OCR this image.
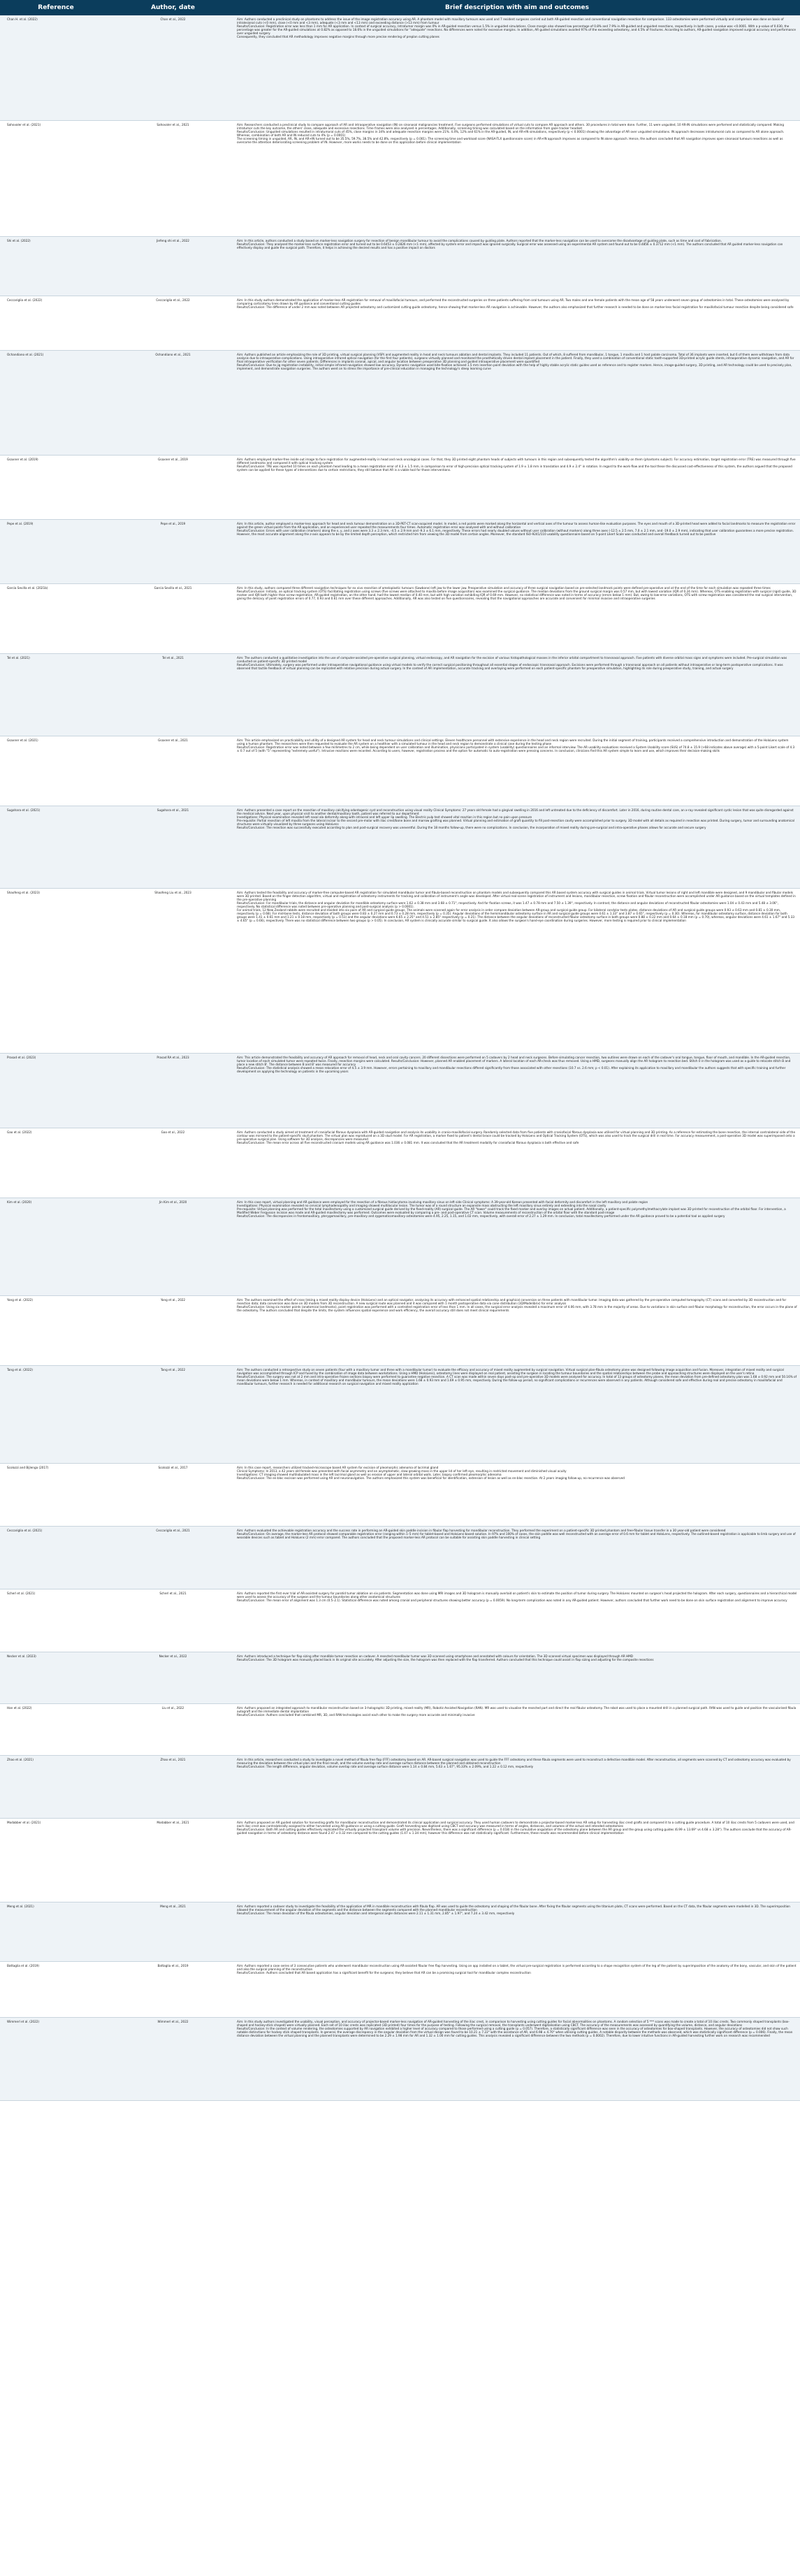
Reference	Author, date	Brief description with aim and outcomes
Chan H. et al. (2022)	Chan et al., 2022	Aim: Authors conducted a preclinical study on phantoms to address the issue of the image registration accuracy using AR. A phantom model with maxillary tumours was used and 7 resident surgeons carried out both AR-guided resection and conventional navigation resection for comparison. 133 osteotomies were performed virtually and comparison was done on basis of intralesional cuts (<0 mm), close (<0 mm and <3 mm), adequate (<3 mm and <13 mm) and exceeding distance (>13 mm) from tumour
Results/Conclusion: Registration error was less than 1 mm for AR application. In context of surgical accuracy, Intratumor margin was 0% in AR-guided resection versus 1.5% in unguided simulations. Close margin also showed low percentage of 0.8% and 7.9% in AR-guided and unguided resections, respectively. In both cases, p-value was <0.0001. With a p-value of 0.030, the percentage was greater for the AR-guided simulations at 0.82% as opposed to 18.6% in the unguided simulations for "adequate" resections. No differences were noted for excessive margins. In addition, AR guided simulations avoided 97% of the exceeding osteotomy, and 4.5% of fractures. According to authors, AR-guided navigation improved surgical accuracy and performance over unguided surgery.
Consequently, they concluded that AR methodology improves negative margins through more precise rendering of preplan cutting planes
Sahovaler et al. (2021)	Sahovaler et al., 2021	Aim: Researchers conducted a preclinical study to compare approach of AR and intraoperative navigation (IN) on sinonasal malignancies treatment. Five surgeons performed simulations of virtual cuts to compare AR approach and others. 30 procedures in total were done. Further, 11 were unguided, 10 AR-IN simulations were performed and statistically compared. Making intratumor cuts the key outcome, the others' close, adequate and excessive resections. Time frames were also analysed in percentages. Additionally, screening timing was calculated based on the information from gaze tracker headset
Results/Conclusion: Unguided simulations resulted in intratumoral cuts of 45%, close margins in 34% and adequate resection margins were 21%. 4.4%, 12% and 61% in the AR-guided, IN, and AR+IN simulations, respectively (p < 0.0001) showing the advantage of AR over unguided simulations. IN approach decreases intratumoral cuts as compared to AR alone approach. Whereas, combination of both AR and IN reduced cuts to 4% (p = 0.0001)
The screening timing in unguided, AR, IN, and AR+IN turned out to be 35.5%, 59.7%, 38.5% and 42.8%, respectively (p = 0.001). The screening time and workload score (NASA-TLX questionnaire score) in AR+IN approach improves as compared to IN alone approach. Hence, the authors concluded that AR navigation improves open sinonasal tumours resections as well as overcome the attention deteriorating screening problem of IN. However, more works needs to be done on this application before clinical implementation
Shi et al. (2022)	Jiefeng shi et al., 2022	Aim: In this article, authors conducted a study based on marker-less navigation surgery for resection of benign mandibular tumour to avoid the complications caused by guiding plate. Authors reported that the marker-less navigation can be used to overcome the disadvantage of guiding plate, such as time and cost of fabrication.
Results/Conclusion: They analysed the marker-less surface registration error and turned out to be 0.6453 ± 0.2826 mm (<1 mm), affected by system error and impact was ignored surgically. Surgical error was assessed using an experimental AR system and found out to be 0.4856 ± 0.3712 mm (<1 mm). The authors concluded that AR guided marker-less navigation can effectively display and guide the surgical path. Therefore, it helps in achieving the desired results and has a positive impact on doctors
Ceccariglia et al. (2022)	Ceccariglia et al., 2022	Aim: In this study authors demonstrated the application of marker-less AR registration for removal of maxillofacial tumours, and performed the reconstructed surgeries on three patients suffering from oral tumours using AR. Two males and one female patients with the mean age of 58 years underwent seven group of osteotomies in total. These osteotomies were analysed by comparing corticotomy lines drawn by AR guidance and conventional cutting guides
Results/Conclusion: The difference of under 2 mm was noted between AR projected osteotomy and customized cutting guide osteotomy, hence showing that marker-less AR navigation is achievable. However, the authors also emphasized that further research is needed to be done on marker-less facial registration for maxillofacial tumour resection despite being considered safe
Ochandiano et al. (2021)	Ochandiano et al., 2021	Aim: Authors published an article emphasizing the role of 3D printing, virtual surgical planning (VSP) and augmented reality in head and neck tumours ablation and dental implants. They included 11 patients. Out of which, 8 suffered from mandibular, 1 tongue, 1 maxilla and 1 host palate carcinoma. Total of 36 implants were inserted, but 6 of them were withdrawn from data analysis due to intraoperative complications. Using intraoperative infrared optical navigation (for the first four patients), surgeons virtually planned and monitored the prosthetically driven dental implant placement in the patient. Finally, they used a combination of conventional static tooth-supported 3D-printed acrylic guide stents, intraoperative dynamic navigation, and AR for final intraoperative verification for other seven patients. Differences in implants coronal, apical, and angular location between preoperative 3D planning and guided intraoperative placement were quantified
Results/Conclusion: Due to jig registration instability, initial simple infrared navigation showed low accuracy. Dynamic navigation used bite-fixation achieved 1.5 mm insertion point deviation with the help of highly stable acrylic static guides used as reference and to register markers. Hence, image-guided surgery, 3D printing, and AR technology could be used to precisely plan, implement, and demonstrate navigation surgeries. The authors went on to stress the importance of pre-clinical education in managing the technology's steep learning curve
Gsaxner et al. (2019)	Gsaxner et al., 2019	Aim: Authors employed marker-free inside out image to face registration for augmented-reality in head and neck oncological cases. For that, they 3D printed eight phantom heads of subjects with tumours in this region and subsequently tested the algorithm's viability on them (phantoms subject). For accuracy estimation, target registration error (TRE) was measured through five different landmarks and compared it with optical tracking system
Results/Conclusion: TRE was reported 10 times on each phantom head leading to a mean registration error of 4.3 ± 1.5 mm, in comparison to error of high-precision optical tracking system of 1.9 ± 1.8 mm in translation and 4.9 ± 2.4° in rotation. In regard to the work-flow and the tool these the discussed cost-effectiveness of this system, the authors argued that the proposed system can be applied for these types of interventions due to certain restrictions, they still believe that AR is a viable tool for those interventions.
Pepe et al. (2019)	Pepe et al., 2019	Aim: In this article, author employed a marker-less approach for head and neck tumour demonstration on a 3D-PET-CT scan-acquired model. In model, a red points were marked along the horizontal and vertical axes of the tumour to assess human-like evaluation purposes. The eyes and mouth of a 3D-printed head were added to facial landmarks to measure the registration error against the green virtual points from the AR application, and an experienced user repeated the measurements four times. Automatic registration error was analysed with and without calibration
Results/Conclusion: Errors with user calibration (markers) along the x, y, and z axes were 3.3 ± 2.3 mm, -4.5 ± 2.9 mm and -9.3 ± 6.1 mm, respectively. These errors had nearly doubled values without user calibration (without markers) along three axes (-12.5 ± 2.5 mm, 7.0 ± 2.1 mm, and -19.0 ± 2.9 mm), indicating that user calibration guarantees a more precise registration. However, the most accurate alignment along the z-axis appears to be by the limited depth perception, which restricted him from viewing the 3D model from certain angles. Moreover, the standard ISO-9241/110 usability questionnaire based on 5-point Likert Scale was conducted and overall feedback turned out to be positive
Garcia Sevilla et al. (2021b)	Garcia Sevilla et al., 2021	Aim: In this study, authors compared three different navigation techniques for ex vivo resection of ameloplastic tumours (Sawbone) left jaw to the lower jaw. Preoperative simulation and accuracy of three surgical navigation based on pre-selected landmark points were defined pre-operative and at the end of the time for each simulation was repeated three times
Results/Conclusion: Initially, an optical tracking system (OTS) facilitating registration using screws (five screws were attached to maxilla before image acquisition) was examined the surgical guidance. The median deviations from the ground surgical margin was 0.57 mm, but with lowest variation (IQR of 0.24 mm). Whereas, OTS enabling registration with surgical (rigid) guide, 3D marker and IQR both higher than screw registration. AR-guided registration, on the other hand, had the lowest median of 0.40 mm, but with high variation exhibiting IQR of 0.69 mm. However, no statistical difference was noted in terms of accuracy (errors below 1 mm). But, owing to low-error variations, OTS with screw registration was considered the real surgical intervention, giving the delicacy of point registration errors of 0.77, 0.93 and 0.61 mm over these different approaches. Additionally, AR was also tested on five questionnaires, revealing that the navigational approaches are accurate and convenient for minimal invasive and intraoperative surgeries
Tel et al. (2021)	Tel et al., 2021	Aim: The authors conducted a qualitative investigation into the use of computer-assisted pre-operative surgical planning, virtual endoscopy, and AR navigation for the excision of various histopathological masses in the inferior orbital compartment to transnasal approach. Five patients with diverse orbital mass signs and symptoms were included. Pre-surgical simulation was conducted on patient-specific 3D printed model
Results/Conclusion: Ultimately, surgery was performed under intraoperative navigational guidance using virtual models to verify the correct surgical positioning throughout all essential stages of endoscopic transnasal approach. Excisions were performed through a transnasal approach on all patients without intraoperative or long-term postoperative complications. It was observed that tactile feedback of virtual planning can be replicated with relative precision during actual surgery. In the context of AR implementation, accurate tracking and overlaying were performed on each patient-specific phantom for preoperative simulation, highlighting its role during preoperative study, training, and actual surgery
Gsaxner et al. (2021)	Gsaxner et al., 2021	Aim: This article emphasized on practicability and utility of a designed AR system for head and neck tumour simulations and clinical settings. Eleven healthcare personnel with extensive experience in the head and neck region were recruited. During the initial segment of training, participants received a comprehensive introduction and demonstration of the HoloLens system using a human phantom. The researchers were then requested to evaluate the AR system on a healthier with a simulated tumour in the head and neck region to demonstrate a clinical case during the testing phase
Results/Conclusion: Registration error was noted between a few millimetres to 2 cm, while being dependent on user calibration and illumination, physicians participated in system (usability) questionnaires and an informal interview. The AR usability evaluations received a System Usability score (SUS) of 74.8 ± 15.9 (>68 indicates above average) with a 5-point Likert scale of 4.3 ± 0.7 out of 5 (with "5" representing "extremely useful"). Intrusive reactions were recorded. According to users, however, registration process and the option for automatic to auto-registration were pressing concerns. In conclusion, clinicians find this AR system simple to learn and use, which improves their decision-making skills
Sugahara et al. (2021)	Sugahara et al., 2021	Aim: Authors presented a case report on the resection of maxillary calcifying odontogenic cyst and reconstruction using visual reality Clinical Symptoms: 27 years old female had a gingival swelling in 2016 and left untreated due to the deficiency of discomfort. Later in 2016, during routine dental care, an x-ray revealed significant cystic lesion that was quite disregarded against the medical advice. Next year, upon physical visit to another dental/maxillary tooth, patient was referred to our department
Investigations: Physical examination revealed left nasal ala deformity along with intraoral and left upper lip swelling. The Electric pulp test showed vital reaction in this region but no pain upon pressure
Pre-requisite: Partial resection of left maxilla from the lateral incisor to the second pre-molar with iliac crest/bone bone and marrow grafting was planned. Virtual planning and estimation of graft quantity to fill post-resection cavity were accomplished prior to surgery. 3D model with all details as required in resection was printed. During surgery, tumor and surrounding anatomical structures were virtually visualized by three surgeons using HoloLens
Results/Conclusion: The resection was successfully executed according to plan and post-surgical recovery was uneventful. During the 18 months follow-up, there were no complications. In conclusion, the incorporation of mixed reality during pre-surgical and intra-operative phases allows for accurate and secure surgery
Shaofeng et al. (2023)	Shaofeng Liu et al., 2023	Aim: Authors tested the feasibility and accuracy of marker-free computer-based AR registration for simulated mandibular tumor and fibula-based reconstruction on phantom models and subsequently compared this AR based system accuracy with surgical guides in animal trials. Virtual tumor lesions of right and left mandible were designed, and 9 mandibular and fibular models were 3D printed. Based on the finger detection algorithm, virtual and registration of osteotomy instruments for tracking and calibration of instrument's angle was developed. After virtual real-scene registration of instrument and lesions, mandibular resection, screw fixation and fibular reconstruction were accomplished under AR guidance based on the virtual templates defined in the pre-operative planning
Results/Conclusion: For mandibular trials, the distance and angular deviation for mandible osteotomy surface were 1.62 ± 0.38 mm and 3.68 ± 0.71°, respectively. And for fixation screws, it was 1.47 ± 0.78 mm and 7.50 ± 1.39°, respectively. In contrast, the distance and angular deviations of reconstructed fibular osteotomies were 1.04 ± 0.43 mm and 5.48 ± 3.06°, respectively. No statistical difference was noted between pre-operative planning and post-surgical analysis (p > 0.0001).
For animal trials, 12 New Zealand rabbits were recruited and divided into six pairs of AR and surgical guide groups. The animals were scanned again for error analysis in order compare deviation between AR-group and surgical guide group. For bilateral condylar tests plates, distance deviations of AR and surgical guide groups were 0.93 ± 0.63 mm and 0.81 ± 0.30 mm, respectively (p = 0.68). For mid-bone tests, distance deviation of both groups were 0.83 ± 0.27 mm and 0.73 ± 0.28 mm, respectively (p = 0.35). Angular deviations of the hemimandibular osteotomy surface in AR and surgical guide groups were 4.61 ± 1.33° and 3.87 ± 0.65°, respectively (p = 0.30). Whereas, for mandibular osteotomy surface, distance deviation for both groups were 1.41 ± 0.61 mm and 1.21 ± 0.18 mm, respectively (p = 0.51) and the angular deviations were 6.65 ± 2.25° and 4.51 ± 2.85° respectively (p = 0.21). The distance between the angular deviations of reconstructed fibular osteotomy surface in both groups were 0.88 ± 0.22 mm and 0.64 ± 0.18 mm (p = 0.70), whereas, angular deviations were 4.61 ± 1.67° and 5.33 ± 4.65° (p = 0.66), respectively. There was no statistical difference between two groups (p > 0.05). In conclusion, AR system is clinically accurate similar to surgical guide. It also allows the surgeon's hand-eye coordination during surgeries. However, more testing is required prior to clinical implementation
Prasad et al. (2023)	Prasad RA et al., 2023	Aim: This article demonstrated the feasibility and accuracy of AR approach for removal of head, neck and oral cavity cancers. 20 different dissections were performed on 5 cadavers by 2 head and neck surgeons. Before simulating cancer resection, two outlines were drawn on each of the cadaver's oral tongue, tongue, floor of mouth, and mandible. In the AR-guided resection, tumor location of each simulated tumor were repeated twice. Finally, resection margins were calculated. Results/Conclusion: However, planned AR enabled placement of markers. A lateral location of each AR-check was thus removed. Using a HMD, surgeons manually align the AR hologram to resection bed. Stitch 0 in the hologram was used as a guide to relocate stitch B and place a new stitch B'. The distance between B and B' was measured for accuracy
Results/Conclusion: The statistical analysis showed a mean relocation error of 4.5 ± 3.9 mm. However, errors pertaining to maxillary and mandibular resections differed significantly from those associated with other resections (10.7 vs. 2.6 mm; p < 0.01). After explaining its application to maxillary and mandibular the authors suggests that with specific training and further development on applying the technology on patients in the upcoming years
Gao et al. (2022)	Gao et al., 2022	Aim: Authors conducted a study aimed at treatment of craniofacial fibrous dysplasia with AR-guided navigation and analysis its usability in cranio-maxillofacial surgery. Randomly selected data from five patients with craniofacial fibrous dysplasia was utilised for virtual planning and 3D printing. As a reference for estimating the bone resection, the internal contralateral side of the contour was mirrored to the patient-specific skull phantom. The virtual plan was reproduced on a 3D skull model. For AR registration, a marker fixed to patient's dental brace could be tracked by HoloLens and Optical Tracking System (OTS), which was also used to track the surgical drill in real time. For accuracy measurement, a post-operative 3D model was superimposed onto a pre-operative surgical plan. Using software for 3D analysis, discrepancies were measured
Results/Conclusion: The mean error across all five reconstructed cranium models using AR guidance was 1.036 ± 0.081 mm. It was concluded that the AR treatment modality for craniofacial fibrous dysplasia is both effective and safe
Kim et al. (2020)	Jin Kim et al., 2020	Aim: In this case report, virtual planning and AR guidance were employed for the resection of a fibrous histiocytoma involving maxillary sinus on left side Clinical symptoms: A 39-year-old Korean presented with facial deformity and discomfort in the left maxillary and palate region
Investigations: Physical examination revealed no cervical lymphadenopathy and imaging showed multilocular lesion. The tumor was of a round structure an expansile mass obstructing the left maxillary sinus entirely and extending into the nasal cavity
Pre-requisite: Virtual planning was performed for the total maxillectomy using a customized surgical guide derived by the fixed-reality (AR) surgical guide. The AR "tower" could track the fixed marker and overlay images on actual patient. Additionally, a patient-specific polymethylmethacrylate implant was 3D printed for reconstruction of the orbital floor. For intervention, a Modified Weber Fergusson incision was made and AR-guided maxillectomy was performed. Outcomes were evaluated by comparing a pre- and post-operative CT scan. Volume measurements of reconstruction of the orbital floor with the standard post-image
Results/Conclusion: The discrepancies in frontomaxillary, pterygomaxillary, pre-maxillary and zygomaticomaxillary osteotomies were 4.95, 2.25, 1.15, and 1.02 mm, respectively, with overall error of 2.27 ± 1.29 mm. In conclusion, total maxillectomy performed under the AR guidance proved to be a potential tool as applied surgery
Yang et al. (2022)	Yang et al., 2022	Aim: The authors examined the effect of cross linking a mixed reality display device (HoloLens) and an optical navigator, analysing its accuracy with enhanced spatial relationship and graphical conversion on three patients with mandibular tumor. Imaging data was gathered by the pre-operative computed tomography (CT) scans and converted by 3D reconstruction and for resection data; data conversion was done on 3D models from 3D reconstruction. A new surgical route was planned and it was compared with 1 month postoperative data via cone distribution (3D/Modelibrix) for error analysis
Results/Conclusion: Using six marker points (anatomical landmarks), point registration was performed with a controlled registration error of less than 1 mm. In all cases, the surgical error analysis revealed a maximum error of 4.06 mm, with 3.78 mm in the majority of areas. Due to variations in skin surface and fibular morphology for reconstruction, the error occurs in the plane of the osteotomy. The authors concluded that despite the limits, the system influences spatial experience and work efficiency, the overall accuracy still does not meet clinical requirements
Tang et al. (2022)	Tang et al., 2022	Aim: The authors conducted a retrospective study on seven patients (four with a maxillary tumor and three with a mandibular tumor) to evaluate the efficacy and accuracy of mixed reality augmented by surgical navigation. Virtual surgical plan-fibula osteotomy plane was designed following image acquisition and fusion. Moreover, integration of mixed reality and surgical navigation was accomplished through ICP and fused by the combination of image data between workstations. Using a HMD (HoloLens), osteotomy lines were displayed on real patient, assisting the surgeon in locating the tumour boundaries and the spatial relationships between the probe and approaching structures were displayed on the user's retina
Results/Conclusion: The surgery was not at 2 mm and intra-operative frozen sections biopsy were performed to guarantee negative resection. A CT scan was made within seven days post-op and pre-operative 3D models were analysed for accuracy. In total of 13 groups of osteotomy planes, the mean deviation from pre-defined osteotomy plan was 1.68 ± 0.92 mm and 50.16% of mean deviations were below 1 mm. Whereas, in context of maxillary and mandibular tumours, the mean deviations were 1.68 ± 0.93 mm and 1.69 ± 0.95 mm, respectively. During the follow-up period, no significant complications or recurrences were observed in any patients. Although considered safe and effective during real and precise osteotomy in maxillofacial and mandibular tumours, further research is needed for additional research on surgical navigation and mixed reality application
Scolozzi and Bijlenga (2017)	Scolozzi et al., 2017	Aim: In this case report, researchers utilized tracked-microscope based AR system for excision of pleomorphic adenoma of lacrimal gland
Clinical Symptoms: In 2013, a 42 years old female was presented with facial asymmetry and an asymptomatic, slow growing mass in the upper lid of her left eye, resulting in restricted movement and diminished visual acuity
Investigations: CT imaging showed multilobulated mass in the left lacrimal gland as well as erosion of upper and lateral orbital walls. Later, biopsy confirmed pleomorphic adenoma
Results/Conclusion: The en-bloc excision was performed using AR and neuronavigation. The authors emphasized this system was beneficial for identification, extension of lesion as well as en-bloc resection. At 2 years imaging follow-up, no recurrence was observed
Ceccariglia et al. (2021)	Ceccariglia et al., 2021	Aim: Authors evaluated the achievable registration accuracy and the success rate in performing an AR-guided skin paddle incision in fibular flap harvesting for mandibular reconstruction. They performed the experiment on a patient-specific 3D printed phantom and free-fibular tissue transfer in a 30 year-old patient were considered
Results/Conclusion: On average, the marker-less AR protocol showed comparable registration error (ranging within 1–5 mm) for tablet-based and HoloLens-based solution. In 97% and 100% of cases, the skin paddle was well reconstructed with an average error of 0.6 mm for tablet and HoloLens, respectively. The outlined-based registration is applicable to limb surgery and use of wearable devices such as tablet and HoloLens (2 mm) error compared. The authors concluded that the proposed marker-less AR protocol can be suitable for assisting skin paddle harvesting in clinical setting
Scherl et al. (2021)	Scherl et al., 2021	Aim: Authors reported the first ever trial of AR-assisted surgery for parotid tumor ablation on six patients. Segmentation was done using MRI images and 3D hologram is manually overlaid on patient's skin to estimate the position of tumor during surgery. The HoloLens mounted on surgeon's head projected the hologram. After each surgery, questionnaires and a hierarchical model were used to assess the accuracy of the surgeon and the tumour boundaries along other anatomical structures
Results/Conclusion: The mean error of alignment was 1.3 cm (0.5–2.1). Statistical difference was noted among cranial and peripheral structures showing better accuracy (p = 0.0059). No long-term complication was noted in any AR-guided patient. However, authors concluded that further work need to be done on skin surface registration and alignment to improve accuracy
Necker et al. (2023)	Necker et al., 2022	Aim: Authors introduced a technique for flap sizing after mandible tumor resection on cadaver. A resected mandibular tumor was 3D scanned using smartphone and annotated with colours for orientation. The 3D scanned virtual specimen was displayed through AR HMD
Results/Conclusion: The 3D hologram was manually placed back in its original site accurately. After adjusting the size, the hologram was then replaced with the flap transferred. Authors concluded that this technique could assist in flap sizing and adjusting for the composite resections
Han et al. (2022)	Liu et al., 2022	Aim: Authors proposed an integrated approach to mandibular reconstruction based on 3-holographic 3D printing, mixed reality (MR), Robotic-Assisted Navigation (RAN). MR was used to visualise the resected part and direct the real fibular osteotomy. The robot was used to place a mounted drill in a planned surgical path. RAN was used to guide and position the vascularised fibula autograft and the immediate dental implantation
Results/Conclusion: Authors concluded that combined MR, 3D, and RAN technologies assist each other to make the surgery more accurate and minimally invasive
Zhao et al. (2021)	Zhao et al., 2021	Aim: In this article, researchers conducted a study to investigate a novel method of fibula free flap (FFF) osteotomy based on AR. AR-based surgical navigation was used to guide the FFF osteotomy and these fibula segments were used to reconstruct a defective mandible model. After reconstruction, all segments were scanned by CT and osteotomy accuracy was evaluated by measuring the deviation between the virtual plan and the final result, and the volume overlap rate and average surface distance between the planned and obtained reconstruction
Results/Conclusion: The length difference, angular deviation, volume overlap rate and average surface distance were 1.14 ± 0.84 mm, 5.63 ± 1.67°, 95.33% ± 2.09%, and 1.22 ± 0.12 mm, respectively
Modabber et al. (2021)	Modabber et al., 2021	Aim: Authors proposed an AR guided solution for harvesting grafts for mandibular reconstruction and demonstrated its clinical application and surgical accuracy. They used human cadavers to demonstrate a projector-based marker-less AR setup for harvesting iliac crest grafts and compared it to a cutting guide procedure. A total of 10 iliac crests from 5 cadavers were used, and each iliac crest was contralaterally assigned to either harvested using AR guidance or using a cutting guide. Graft harvesting was digitised using CBCT and accuracy was measured in terms of angles, distances, and volumes of the actual and intended osteotomies
Results/Conclusion: Both AR and cutting guides effectively replicated the virtually projected transplant volume with precision. Nevertheless, there was a significant difference (p = 0.018) in the cumulative angulation of the osteotomy plane between the AR group and the group using cutting guides (6.99 ± 13.69° vs 4.68 ± 3.28°). The authors conclude that the accuracy of AR-guided navigation in terms of osteotomy distance were found 2.47 ± 0.32 mm compared to the cutting guides (1.47 ± 1.34 mm), however this difference was not statistically significant. Furthermore, these results was recommended before clinical implementation
Meng et al. (2021)	Meng et al., 2021	Aim: Authors reported a cadaver study to investigate the feasibility of the application of MR in mandible reconstruction with fibula flap. AR was used to guide the osteotomy and shaping of the fibular bone. After fixing the fibular segments using the titanium plate, CT scans were performed. Based on the CT data, the fibular segments were modelled in 3D. The superimposition allowed the measurement of the angular deviation of the segments and the distance between the segments compared with the planned mandibular reconstruction
Results/Conclusion: The mean deviation of the fibula osteotomies, angular deviation and intergonial angle distances were 2.11 ± 1.31 mm, 2.85° ± 1.97°, and 7.24 ± 3.42 mm, respectively
Battaglia et al. (2019)	Battaglia et al., 2019	Aim: Authors reported a case series of 3 consecutive patients who underwent mandibular reconstruction using AR-assisted fibular free flap harvesting. Using an app installed on a tablet, the virtual pre-surgical registration is performed according to a shape recognition system of the leg of the patient by superimposition of the anatomy of the bony, vascular, and skin of the patient and also the surgical planning of the reconstruction
Results/Conclusion: Authors concluded that AR based application has a significant benefit for the surgeons; they believe that AR can be a promising surgical tool for mandibular complex reconstruction
Wimmerl et al. (2022)	Wimmerl et al., 2022	Aim: In this study authors investigated the usability, visual perception, and accuracy of projector-based marker-less navigation of AR-guided harvesting of the iliac crest, in comparison to harvesting using cutting guides for facial abnormalities on phantoms. A random selection of 5 *** scans was made to create a total of 10 iliac crests. Two commonly shaped transplants (box-shaped and hockey-stick shaped) were virtually planned. Each set of 10 iliac crests was replicated (3D printed) four times for the purpose of testing. Following the surgical removal, the transplants underwent digitalisation using CBCT. The accuracy of the measurements was assessed by quantifying the volume, distance, and angular deviations
Results/Conclusion: In the context of volume rendering, the osteotomies supported by AR navigation exhibited a higher level of accuracy compared to those performed using a cutting guide (p = 0.057). Therefore, a statistically significant difference was seen in the accuracy of osteotomies for box-shaped transplants. However, the accuracy of osteotomies did not show such notable distinctions for hockey stick shaped transplants. In general, the average discrepancy in the angular deviation from the virtual design was found to be 10.21 ± 7.22° with the assistance of AR, and 6.98 ± 4.70° when utilising cutting guides. A notable disparity between the methods was observed, which was statistically significant difference (p = 0.006). Finally, the mean distance deviation between the virtual planning and the planned transplants were determined to be 2.29 ± 1.98 mm for AR and 1.32 ± 1.00 mm for cutting guides. This analysis revealed a significant difference between the two methods (p = 0.0002). Therefore, due to lower intuitive functions in AR-guided harvesting further work on research was recommended
